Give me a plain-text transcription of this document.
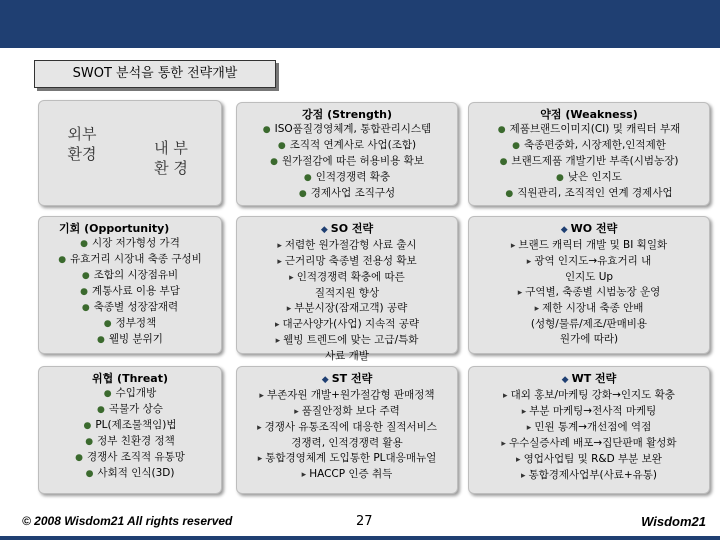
SWOT 분석을 통한 전략개발
외부
환경	내 부
환 경
강점 (Strength)
● ISO품질경영체계, 통합관리시스템
● 조직적 연계사로 사업(조합)
● 원가절감에 따른 허용비용 확보
● 인적경쟁력 확충
● 경제사업 조직구성
약점 (Weakness)
● 제품브랜드이미지(CI) 및 캐릭터 부재
● 축종편중화, 시장제한,인적제한
● 브랜드제품 개발기반 부족(시범농장)
● 낮은 인지도
● 직원관리, 조직적인 연계 경제사업
기회 (Opportunity)
● 시장 저가형성 가격
● 유효거리 시장내 축종 구성비
● 조합의 시장점유비
● 계통사료 이용 부담
● 축종별 성장잠재력
● 정부정책
● 웰빙 분위기
◆ SO 전략
▸ 저렴한 원가절감형 사료 출시
▸ 근거리망 축종별 전용성 확보
▸ 인적경쟁력 확충에 따른
질적지원 향상
▸ 부분시장(잠재고객) 공략
▸ 대군사양가(사업) 지속적 공략
▸ 웰빙 트렌드에 맞는 고급/특화
사료 개발
◆ WO 전략
▸ 브랜드 캐릭터 개발 및 BI 획일화
▸ 광역 인지도→유효거리 내
인지도 Up
▸ 구역별, 축종별 시범농장 운영
▸ 제한 시장내 축종 안배
(성형/물류/제조/판매비용
원가에 따라)
위협 (Threat)
● 수입개방
● 곡물가 상승
● PL(제조물책임)법
● 정부 친환경 정책
● 경쟁사 조직적 유통망
● 사회적 인식(3D)
◆ ST 전략
▸ 부존자원 개발+원가절감형 판매정책
▸ 품질안정화 보다 주력
▸ 경쟁사 유통조직에 대응한 질적서비스
경쟁력, 인적경쟁력 활용
▸ 통합경영체계 도입통한 PL대응매뉴얼
▸ HACCP 인증 취득
◆ WT 전략
▸ 대외 홍보/마케팅 강화→인지도 확충
▸ 부분 마케팅→전사적 마케팅
▸ 민원 통계→개선점에 역점
▸ 우수실증사례 배포→집단판매 활성화
▸ 영업사업팀 및 R&D 부분 보완
▸ 통합경제사업부(사료+유통)
© 2008 Wisdom21 All rights reserved	27	Wisdom21
